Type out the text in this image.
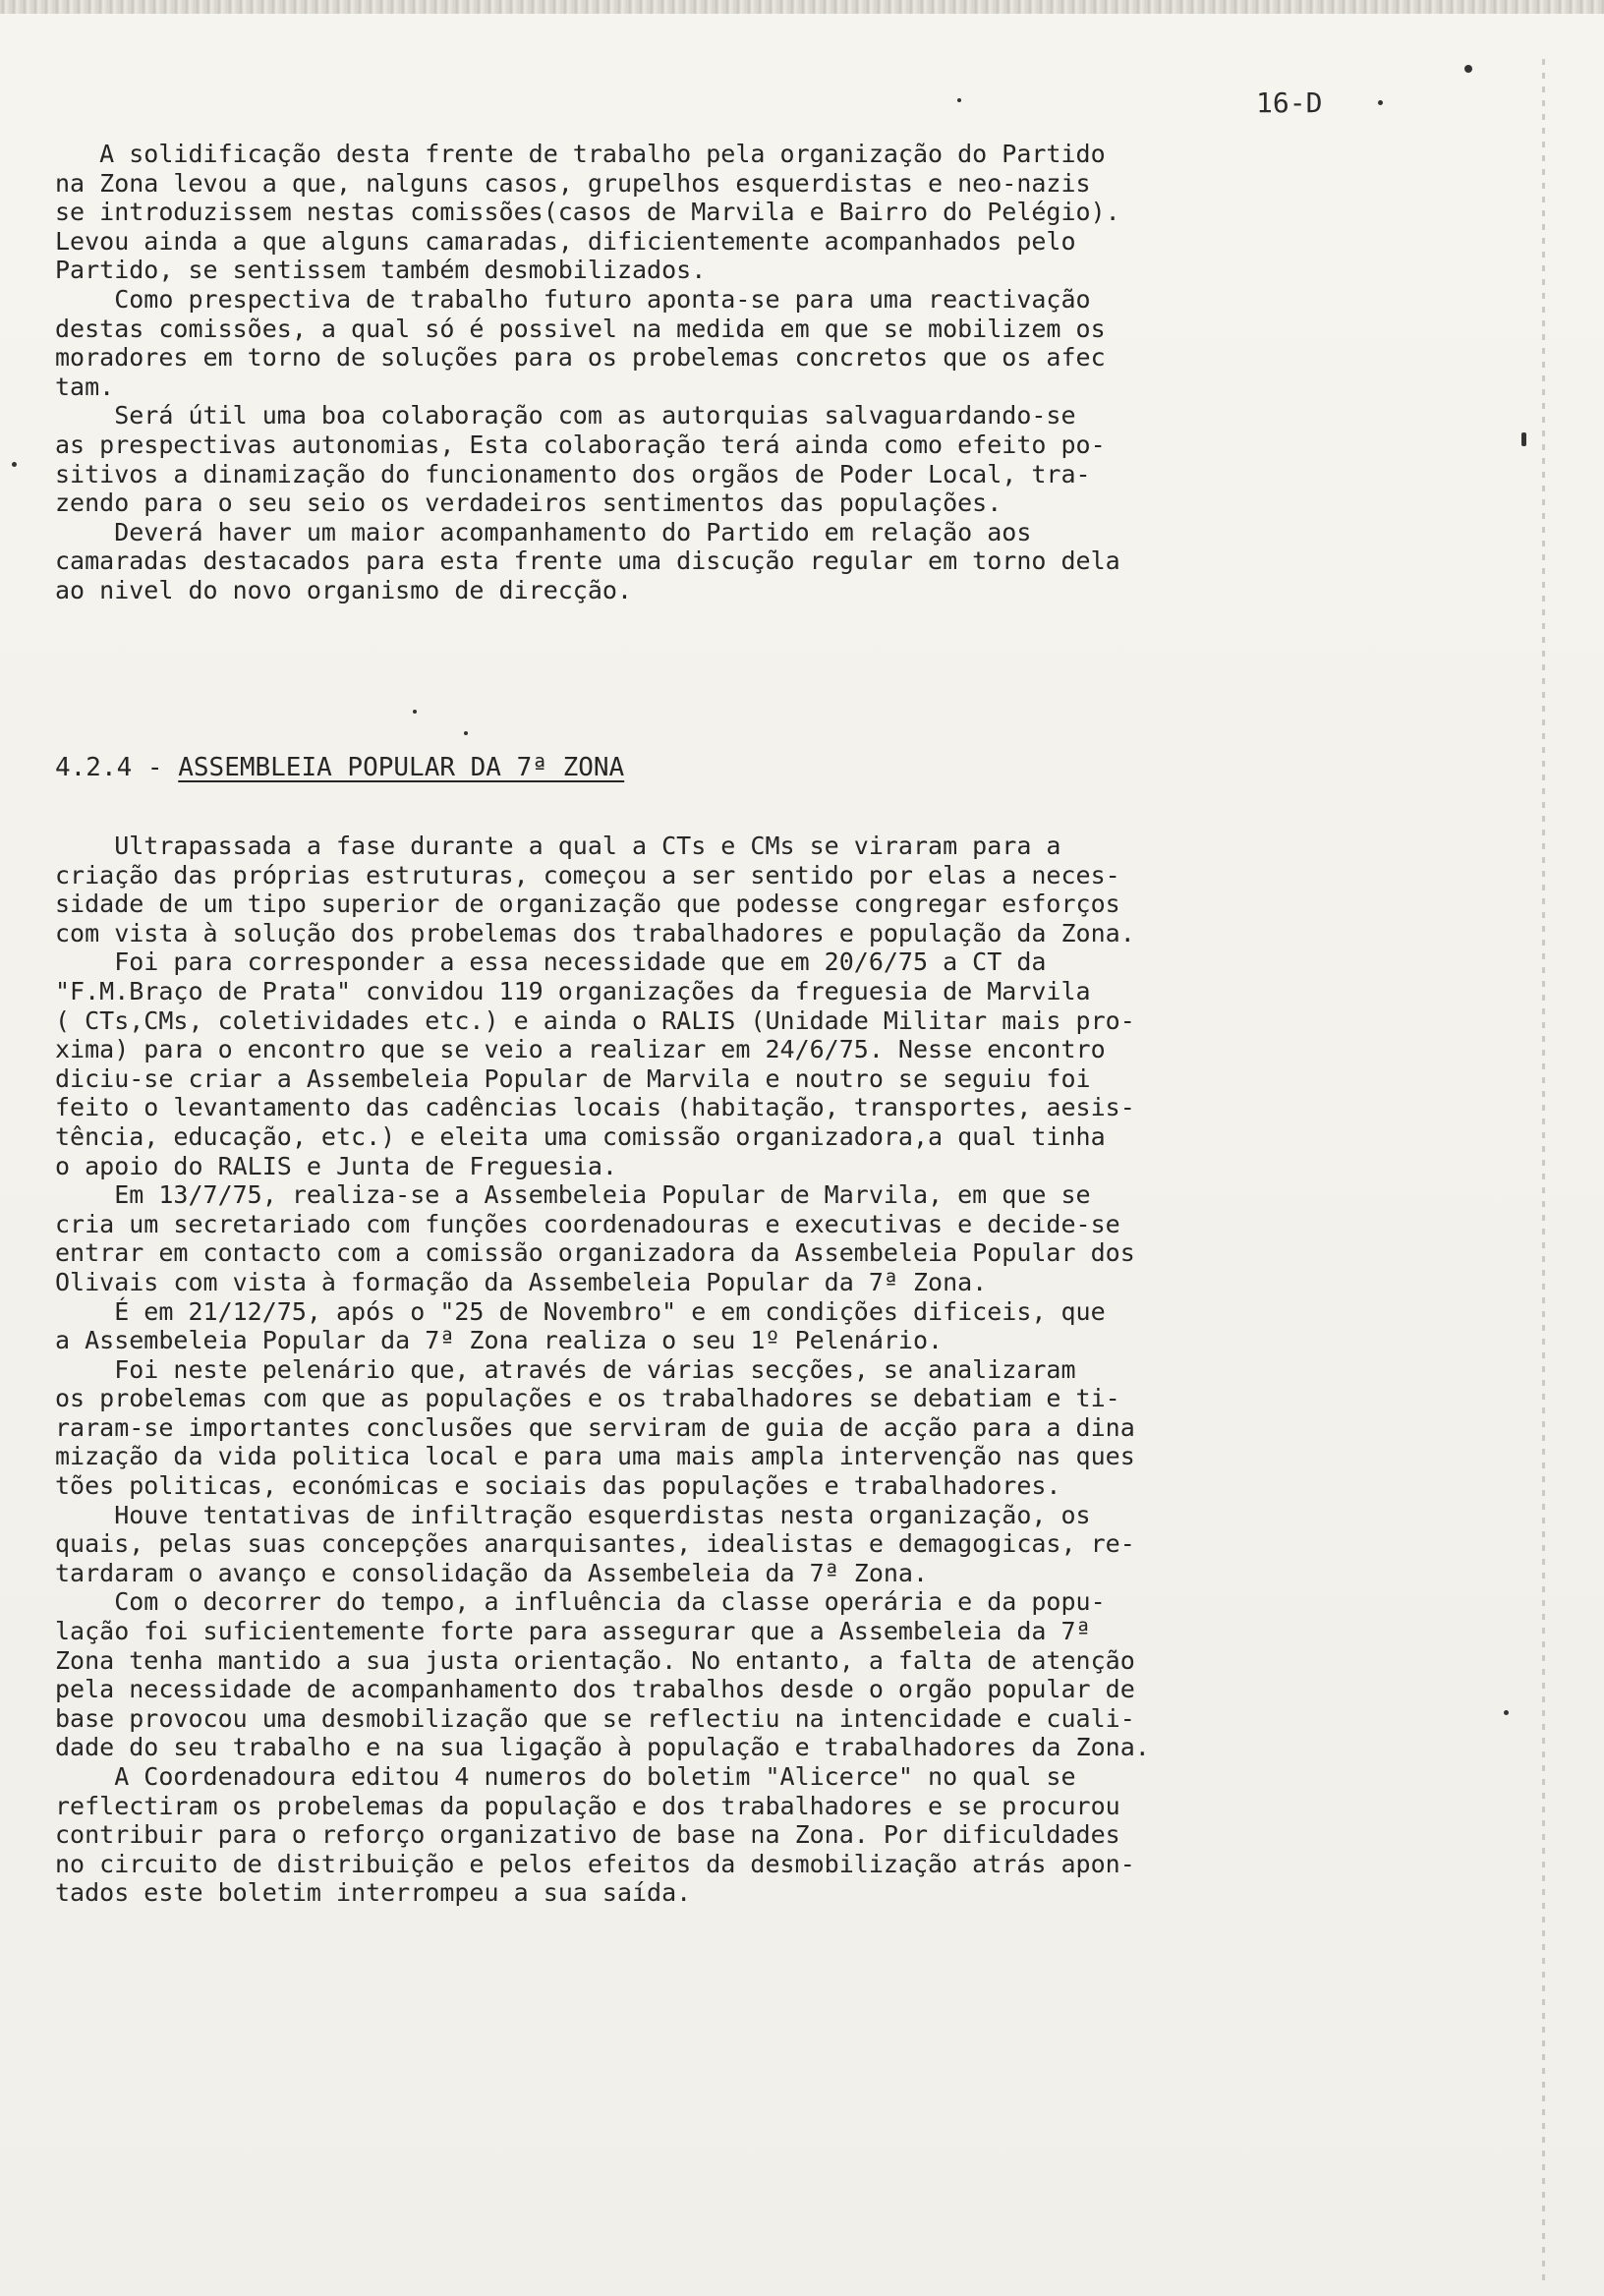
16-D
A solidificação desta frente de trabalho pela organização do Partido
na Zona levou a que, nalguns casos, grupelhos esquerdistas e neo-nazis
se introduzissem nestas comissões(casos de Marvila e Bairro do Pelégio).
Levou ainda a que alguns camaradas, dificientemente acompanhados pelo
Partido, se sentissem também desmobilizados.
Como prespectiva de trabalho futuro aponta-se para uma reactivação
destas comissões, a qual só é possivel na medida em que se mobilizem os
moradores em torno de soluções para os probelemas concretos que os afec
tam.
Será útil uma boa colaboração com as autorquias salvaguardando-se
as prespectivas autonomias, Esta colaboração terá ainda como efeito po-
sitivos a dinamização do funcionamento dos orgãos de Poder Local, tra-
zendo para o seu seio os verdadeiros sentimentos das populações.
Deverá haver um maior acompanhamento do Partido em relação aos
camaradas destacados para esta frente uma discução regular em torno dela
ao nivel do novo organismo de direcção.
4.2.4 - ASSEMBLEIA POPULAR DA 7ª ZONA
Ultrapassada a fase durante a qual a CTs e CMs se viraram para a
criação das próprias estruturas, começou a ser sentido por elas a neces-
sidade de um tipo superior de organização que podesse congregar esforços
com vista à solução dos probelemas dos trabalhadores e população da Zona.
Foi para corresponder a essa necessidade que em 20/6/75 a CT da
"F.M.Braço de Prata" convidou 119 organizações da freguesia de Marvila
( CTs,CMs, coletividades etc.) e ainda o RALIS (Unidade Militar mais pro-
xima) para o encontro que se veio a realizar em 24/6/75. Nesse encontro
diciu-se criar a Assembeleia Popular de Marvila e noutro se seguiu foi
feito o levantamento das cadências locais (habitação, transportes, aesis-
tência, educação, etc.) e eleita uma comissão organizadora,a qual tinha
o apoio do RALIS e Junta de Freguesia.
Em 13/7/75, realiza-se a Assembeleia Popular de Marvila, em que se
cria um secretariado com funções coordenadouras e executivas e decide-se
entrar em contacto com a comissão organizadora da Assembeleia Popular dos
Olivais com vista à formação da Assembeleia Popular da 7ª Zona.
É em 21/12/75, após o "25 de Novembro" e em condições dificeis, que
a Assembeleia Popular da 7ª Zona realiza o seu 1º Pelenário.
Foi neste pelenário que, através de várias secções, se analizaram
os probelemas com que as populações e os trabalhadores se debatiam e ti-
raram-se importantes conclusões que serviram de guia de acção para a dina
mização da vida politica local e para uma mais ampla intervenção nas ques
tões politicas, económicas e sociais das populações e trabalhadores.
Houve tentativas de infiltração esquerdistas nesta organização, os
quais, pelas suas concepções anarquisantes, idealistas e demagogicas, re-
tardaram o avanço e consolidação da Assembeleia da 7ª Zona.
Com o decorrer do tempo, a influência da classe operária e da popu-
lação foi suficientemente forte para assegurar que a Assembeleia da 7ª
Zona tenha mantido a sua justa orientação. No entanto, a falta de atenção
pela necessidade de acompanhamento dos trabalhos desde o orgão popular de
base provocou uma desmobilização que se reflectiu na intencidade e cuali-
dade do seu trabalho e na sua ligação à população e trabalhadores da Zona.
A Coordenadoura editou 4 numeros do boletim "Alicerce" no qual se
reflectiram os probelemas da população e dos trabalhadores e se procurou
contribuir para o reforço organizativo de base na Zona. Por dificuldades
no circuito de distribuição e pelos efeitos da desmobilização atrás apon-
tados este boletim interrompeu a sua saída.
